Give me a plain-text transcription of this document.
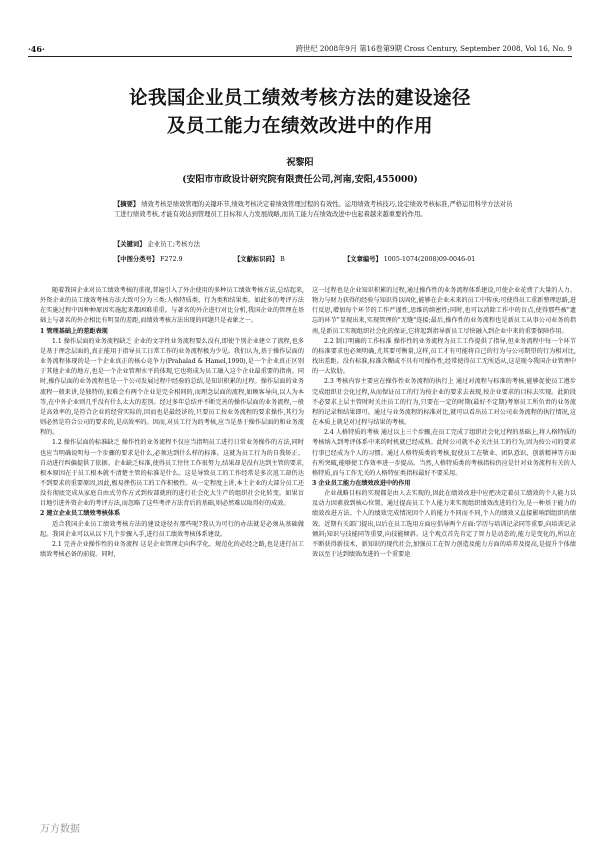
·46·	跨世纪 2008年9月 第16卷第9期 Cross Century, September 2008, Vol 16, No. 9
论我国企业员工绩效考核方法的建设途径
及员工能力在绩效改进中的作用
祝黎阳
(安阳市市政设计研究院有限责任公司,河南,安阳,455000)
【摘要】 绩效考核是绩效管理的关键环节,绩效考核决定着绩效管理过程的有效性。运用绩效考核技巧,设定绩效考核标准,严格运用科学方法对员工进行绩效考核,才能有效达到管理员工目标和人力发展战略,而员工能力在绩效改进中也起着越来越重要的作用。
【关键词】 企业员工;考核方法
【中图分类号】 F272.9	【文献标识码】 B	【文章编号】 1005-1074(2008)09-0046-01

随着我国企业对员工绩效考核的重视,普遍引入了外企使用的多种员工绩效考核方法,总结起来,外资企业的员工绩效考核方法大致可分为三类:人格特质类、行为类和结果类。如此多的考评方法在实施过程中因种种原因实施起来都困难重重。与著名的外企进行对比分析,我国企业的管理在基础上与著名的外企相比有明显的差距,而绩效考核方法出现的问题只是表象之一。

1 管理基础上的差距表现

1.1 操作层面的业务流程缺乏 企业的文字性业务流程要么没有,即使个别企业建立了流程,也多是基于理念层面的,真正能用于指导员工日常工作的业务流程极为少见。我们认为,基于操作层面的业务流程体现的是一个企业真正的核心竞争力(Prahalad & Hamel,1990),是一个企业真正区别于其他企业的地方,也是一个企业管理水平的体现,它也将成为员工融入这个企业最重要的指南。同时,操作层面的业务流程也是一个公司发展过程中经验的总结,是知识积累的过程。操作层面的业务流程一般来讲,是独特的,很难会有两个企业是完全相同的,而理念层面的流程,如顾客导向,以人为本等,在中外企业则几乎没有什么太大的差别。经过多年总结并不断完善的操作层面的业务流程,一般是高效率的,是符合企业的经营实际的,因而也是最经济的,只要员工按业务流程的要求操作,其行为则必然是符合公司的要求的,是高效率的。因而,对员工行为的考核,应当是基于操作层面的和业务流程的。

1.2 操作层面的标准缺乏 操作性的业务流程不仅应当指明员工进行日常业务操作的方法,同时也应当明确说明每一个步骤的要求是什么,必须达到什么样的标准。这就为员工行为的自我矫正、自动进行纠偏提供了依据。企业缺乏标准,使得员工往往工作很努力,结果却是没有达到主管的要求,根本原因在于员工根本就不清楚主管的标准是什么。这是导致员工的工作经常是多次返工却仍达不到要求的重要原因,因此,极易挫伤员工的工作积极性。从一定程度上讲,本土企业的大部分员工还没有彻底完成从家庭自由式劳作方式到按部就班的进行社会化大生产的组织社会化转变。如果盲目地引进外资企业的考评方法,而忽略了这些考评方法背后的基础,则必然难以取得好的成效。

2 建立企业员工绩效考核体系

适合我国企业员工绩效考核方法的建设途径有那些呢?我认为可行的办法就是必须从基础做起。我国企业可以从以下几个步骤入手,进行员工绩效考核体系建设。

2.1 完善企业操作性的业务流程 这是企业管理走向科学化、规范化的必经之路,也是进行员工绩效考核必备的前提。同时,

这一过程也是企业知识积累的过程,通过操作性的业务流程体系建设,可使企业花费了大量的人力、物力与财力获得的经验与知识得以固化,能够在企业未来的员工中传承;可使得员工重新整理思路,进行反思,增加每个环节的工作严谨性,思维的缜密性;同时,也可以消除工作中的盲点,使得那些被"遗忘的环节"显现出来,实现管理的"无缝"连接;最后,操作性的业务流程也是新员工从事公司业务的指南,是新员工实现组织社会化的保证,它将起到指导新员工尽快融入到企业中来的重要保障作用。

2.2 制订明确的工作标准 操作性的业务流程为员工工作提供了指导,但业务流程中每一个环节的标准要求也必须明确,尤其要可衡量,这样,员工才有可能将自己的行为与公司期望的行为相对比,找出差距。没有标准,标准含糊或不具有可操作性,经常使得员工无所适从,这是现今我国企业管理中的一大软肋。

2.3 考核内容主要应在操作性业务流程的执行上 通过对流程与标准的考核,能够促使员工遵步完成组织社会化过程,从而保证员工的行为按企业的要求去表现,按企业要求的目标去实现。此阶段不必要求上层主管时时关注员工的行为,只要在一定的时期(最好不定期)考察员工所负责的业务流程的记录和结果即可。通过与业务流程的标准对比,就可以看出员工对公司业务流程的执行情况,这在本质上就是对过程与结果的考核。

2.4 人格特质的考核 通过以上三个步骤,在员工完成了组织社会化过程的基础上,将人格特质的考核纳入到考评体系中来的时机就已经成熟。此时公司就不必关注员工的行为,因为按公司的要求行事已经成为个人的习惯。通过人格特质类的考核,促使员工在敬业、团队意识、创新精神等方面有所突破,能够使工作效率进一步提高。当然,人格特质类的考核指标仍应是针对业务流程有关的人格特质,而与工作无关的人格特征类指标最好不要采用。

3 企业员工能力在绩效改进中的作用

企业战略目标的实现都是由人去实现的,因此在绩效改进中应把决定着员工绩效的个人能力以及动力因素放到核心位置。通过提高员工个人能力来实现组织绩效改进的行为,是一种基于能力的绩效改进方法。个人的绩效完成情况因个人的能力不同而不同,个人的绩效又直接影响到组织的绩效。近期有关部门提出,以后在员工选用方面应倡导两个方面:学历与培训记录同等重要,向培训记录倾斜;知识与技能同等重要,向技能倾斜。这个观点首先肯定了智力是动态的,能力是变化的,所以在不断获得新技术、新知识的现代社会,加强员工在智力创造及能力方面的培养及提高,是提升个体绩效以至于达到绩效改进的一个重要途

万方数据
